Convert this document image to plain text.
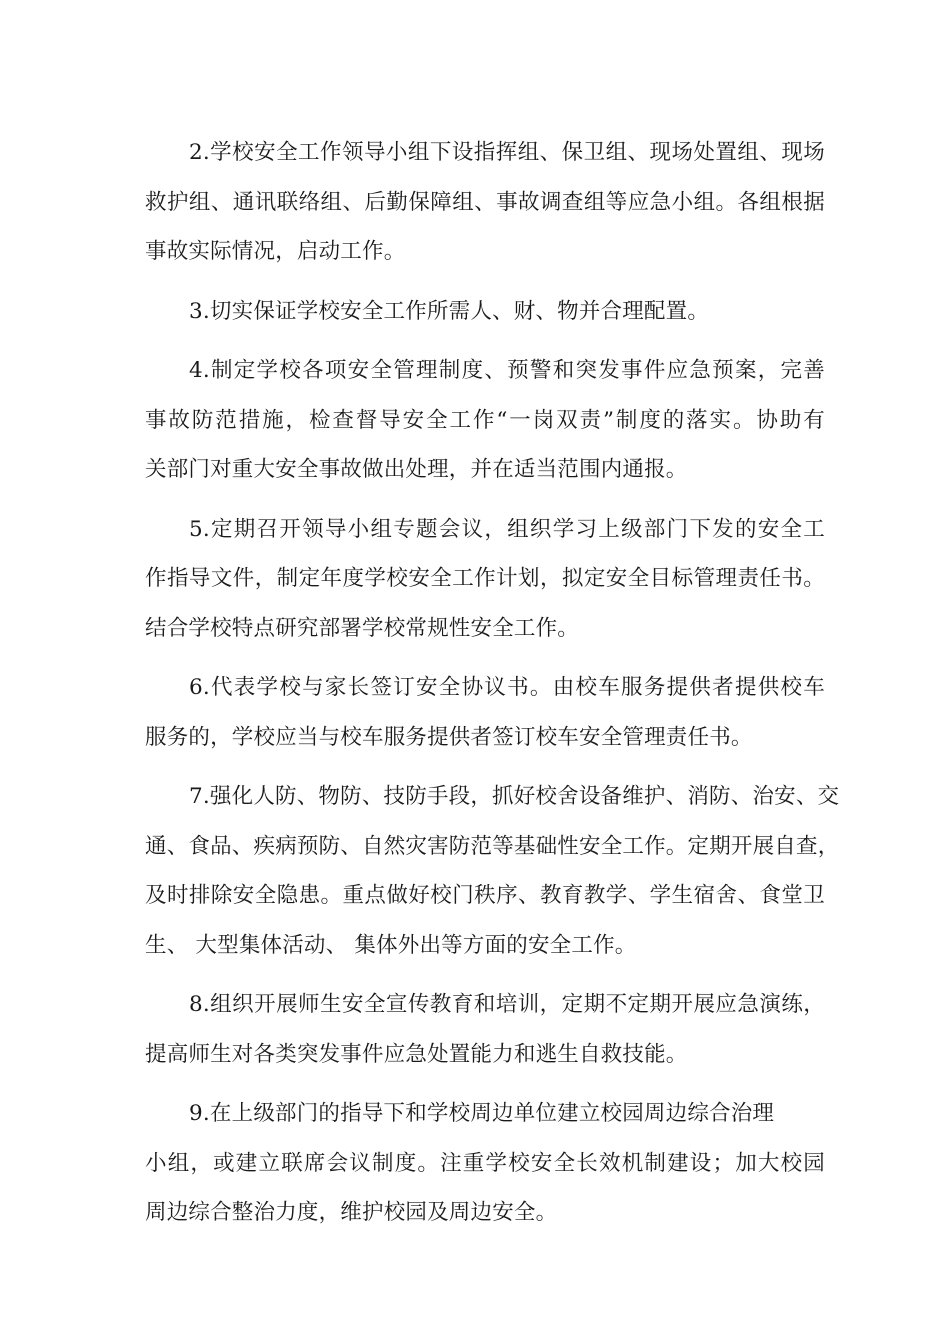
2.学校安全工作领导小组下设指挥组、保卫组、现场处置组、现场
救护组、通讯联络组、后勤保障组、事故调查组等应急小组。各组根据
事故实际情况，启动工作。
3.切实保证学校安全工作所需人、财、物并合理配置。
4.制定学校各项安全管理制度、预警和突发事件应急预案，完善
事故防范措施，检查督导安全工作“一岗双责”制度的落实。协助有
关部门对重大安全事故做出处理，并在适当范围内通报。
5.定期召开领导小组专题会议，组织学习上级部门下发的安全工
作指导文件，制定年度学校安全工作计划，拟定安全目标管理责任书。
结合学校特点研究部署学校常规性安全工作。
6.代表学校与家长签订安全协议书。由校车服务提供者提供校车
服务的，学校应当与校车服务提供者签订校车安全管理责任书。
7.强化人防、物防、技防手段，抓好校舍设备维护、消防、治安、交
通、食品、疾病预防、自然灾害防范等基础性安全工作。定期开展自查，
及时排除安全隐患。重点做好校门秩序、教育教学、学生宿舍、食堂卫
生、 大型集体活动、 集体外出等方面的安全工作。
8.组织开展师生安全宣传教育和培训，定期不定期开展应急演练，
提高师生对各类突发事件应急处置能力和逃生自救技能。
9.在上级部门的指导下和学校周边单位建立校园周边综合治理
小组，或建立联席会议制度。注重学校安全长效机制建设；加大校园
周边综合整治力度，维护校园及周边安全。
